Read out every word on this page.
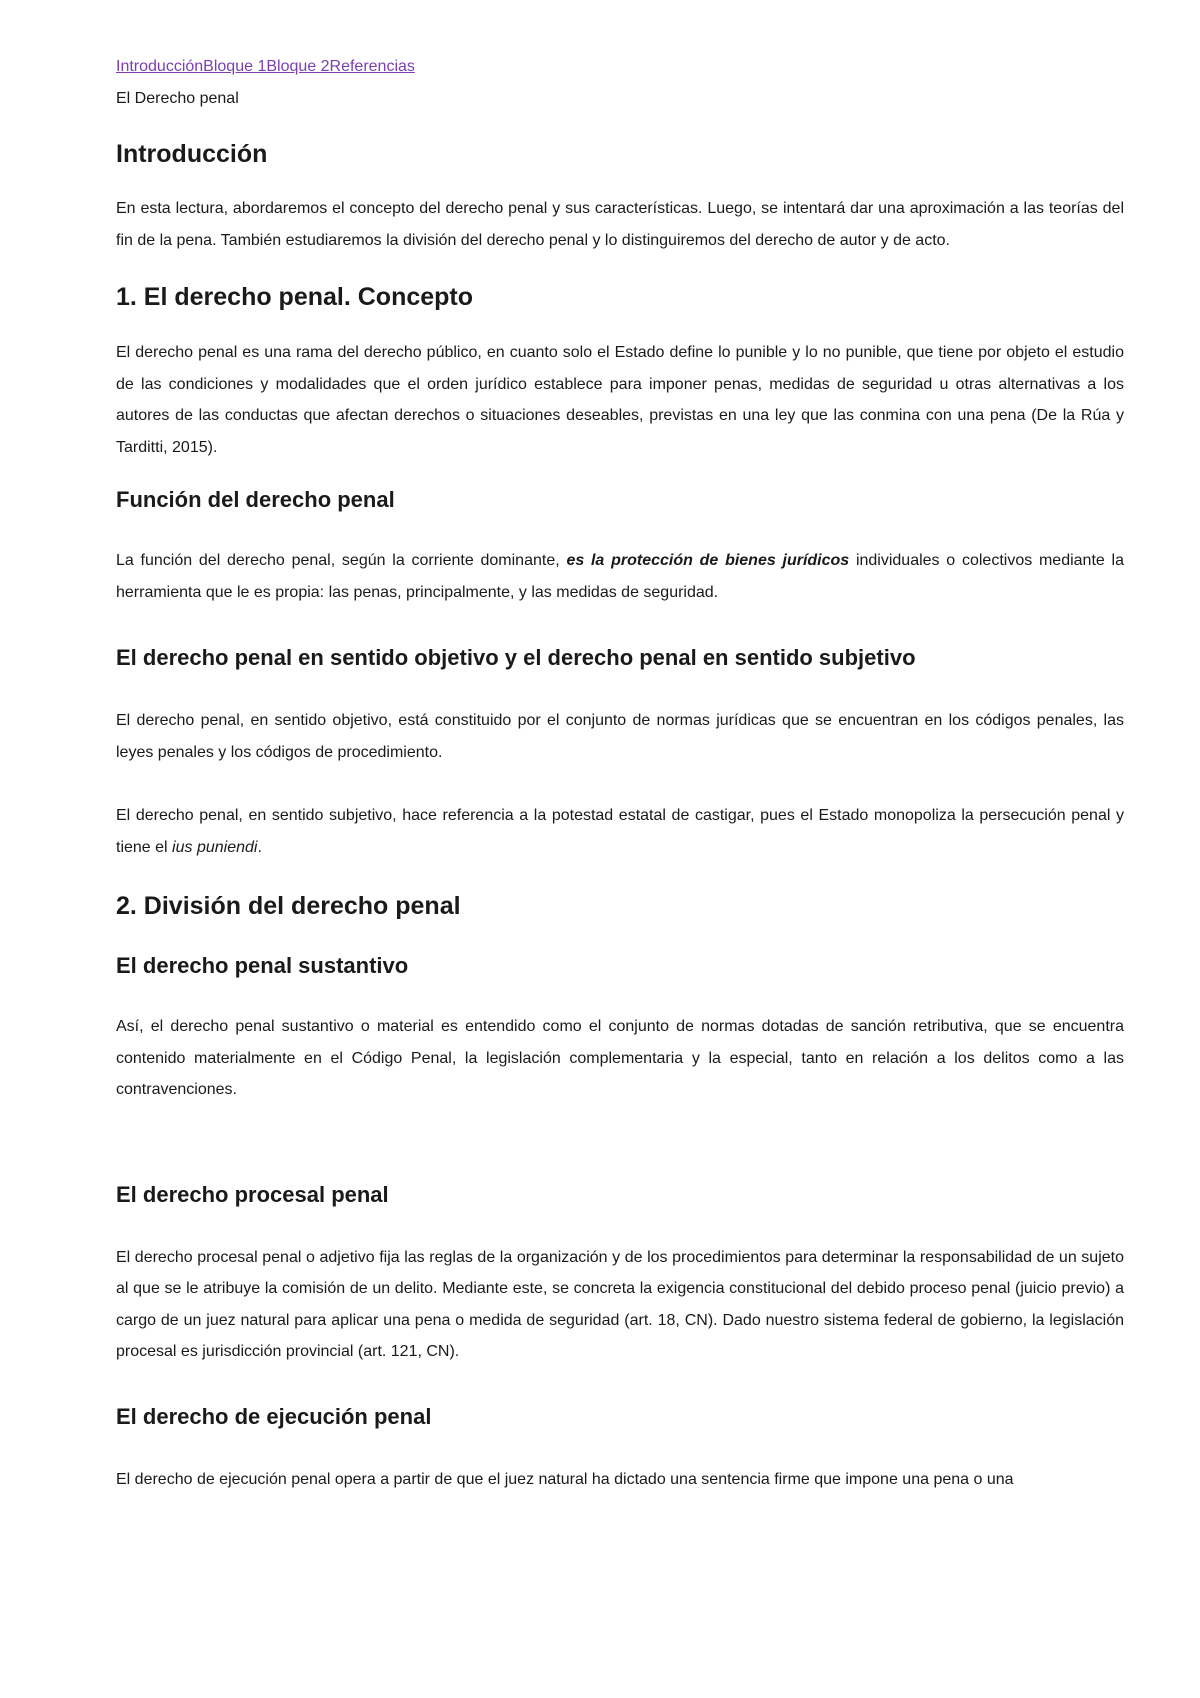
IntroducciónBloque 1Bloque 2Referencias
El Derecho penal
Introducción

En esta lectura, abordaremos el concepto del derecho penal y sus características. Luego, se intentará dar una aproximación a las teorías del fin de la pena. También estudiaremos la división del derecho penal y lo distinguiremos del derecho de autor y de acto.

1. El derecho penal. Concepto

El derecho penal es una rama del derecho público, en cuanto solo el Estado define lo punible y lo no punible, que tiene por objeto el estudio de las condiciones y modalidades que el orden jurídico establece para imponer penas, medidas de seguridad u otras alternativas a los autores de las conductas que afectan derechos o situaciones deseables, previstas en una ley que las conmina con una pena (De la Rúa y Tarditti, 2015).

Función del derecho penal

La función del derecho penal, según la corriente dominante, es la protección de bienes jurídicos individuales o colectivos mediante la herramienta que le es propia: las penas, principalmente, y las medidas de seguridad.

El derecho penal en sentido objetivo y el derecho penal en sentido subjetivo

El derecho penal, en sentido objetivo, está constituido por el conjunto de normas jurídicas que se encuentran en los códigos penales, las leyes penales y los códigos de procedimiento.

El derecho penal, en sentido subjetivo, hace referencia a la potestad estatal de castigar, pues el Estado monopoliza la persecución penal y tiene el ius puniendi.

2. División del derecho penal
El derecho penal sustantivo

Así, el derecho penal sustantivo o material es entendido como el conjunto de normas dotadas de sanción retributiva, que se encuentra contenido materialmente en el Código Penal, la legislación complementaria y la especial, tanto en relación a los delitos como a las contravenciones.

El derecho procesal penal

El derecho procesal penal o adjetivo fija las reglas de la organización y de los procedimientos para determinar la responsabilidad de un sujeto al que se le atribuye la comisión de un delito. Mediante este, se concreta la exigencia constitucional del debido proceso penal (juicio previo) a cargo de un juez natural para aplicar una pena o medida de seguridad (art. 18, CN). Dado nuestro sistema federal de gobierno, la legislación procesal es jurisdicción provincial (art. 121, CN).

El derecho de ejecución penal

El derecho de ejecución penal opera a partir de que el juez natural ha dictado una sentencia firme que impone una pena o una
